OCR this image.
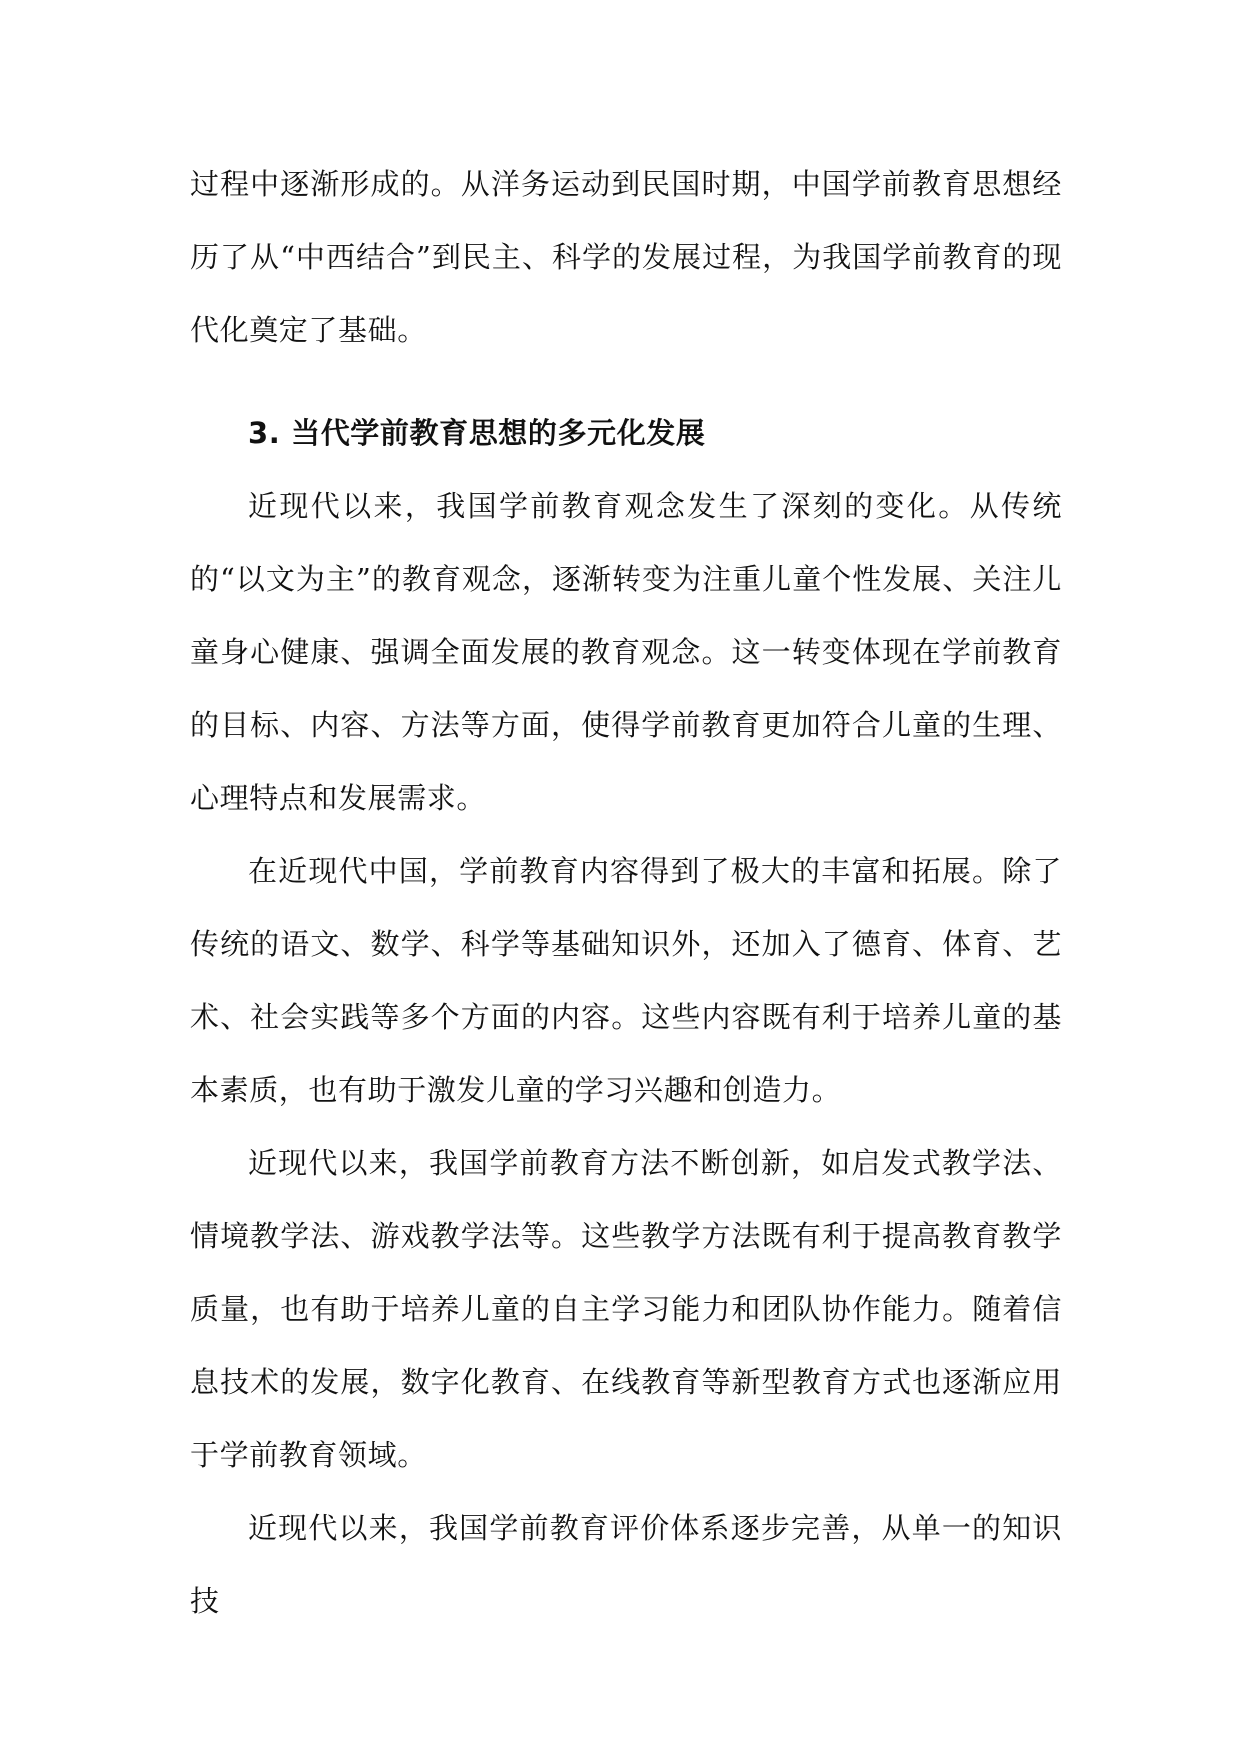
过程中逐渐形成的。从洋务运动到民国时期，中国学前教育思想经历了从“中西结合”到民主、科学的发展过程，为我国学前教育的现代化奠定了基础。

3. 当代学前教育思想的多元化发展

近现代以来，我国学前教育观念发生了深刻的变化。从传统的“以文为主”的教育观念，逐渐转变为注重儿童个性发展、关注儿童身心健康、强调全面发展的教育观念。这一转变体现在学前教育的目标、内容、方法等方面，使得学前教育更加符合儿童的生理、心理特点和发展需求。

在近现代中国，学前教育内容得到了极大的丰富和拓展。除了传统的语文、数学、科学等基础知识外，还加入了德育、体育、艺术、社会实践等多个方面的内容。这些内容既有利于培养儿童的基本素质，也有助于激发儿童的学习兴趣和创造力。

近现代以来，我国学前教育方法不断创新，如启发式教学法、情境教学法、游戏教学法等。这些教学方法既有利于提高教育教学质量，也有助于培养儿童的自主学习能力和团队协作能力。随着信息技术的发展，数字化教育、在线教育等新型教育方式也逐渐应用于学前教育领域。

近现代以来，我国学前教育评价体系逐步完善，从单一的知识技
